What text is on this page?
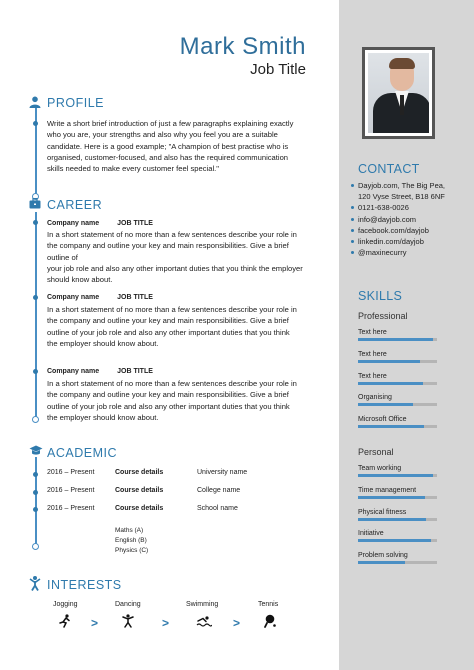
CONTACT
Dayjob.com, The Big Pea,
120 Vyse Street, B18 6NF
0121-638-0026
info@dayjob.com
facebook.com/dayjob
linkedin.com/dayjob
@maxinecurry
SKILLS
Professional
Personal
Text here
Text here
Text here
Organising
Microsoft Office
Team working
Time management
Physical fitness
Initiative
Problem solving
Mark Smith
Job Title
PROFILE
Write a short brief introduction of just a few paragraphs explaining exactly
who you are, your strengths and also why you feel you are a suitable
candidate. Here is a good example; "A champion of best practise who is
organised, customer-focused, and also has the required communication
skills needed to make every customer feel special."
CAREER
Company name	JOB TITLE
In a short statement of no more than a few sentences describe your role in
the company and outline your key and main responsibilities. Give a brief outline of
your job role and also any other important duties that you think the employer
should know about.
Company name	JOB TITLE
In a short statement of no more than a few sentences describe your role in
the company and outline your key and main responsibilities. Give a brief
outline of your job role and also any other important duties that you think
the employer should know about.
Company name	JOB TITLE
In a short statement of no more than a few sentences describe your role in
the company and outline your key and main responsibilities. Give a brief
outline of your job role and also any other important duties that you think
the employer should know about.
ACADEMIC
2016 – Present	Course details	University name
2016 – Present	Course details	College name
2016 – Present	Course details	School name
Maths (A)
English (B)
Physics (C)
INTERESTS
Jogging	Dancing	Swimming	Tennis
>	>	>
